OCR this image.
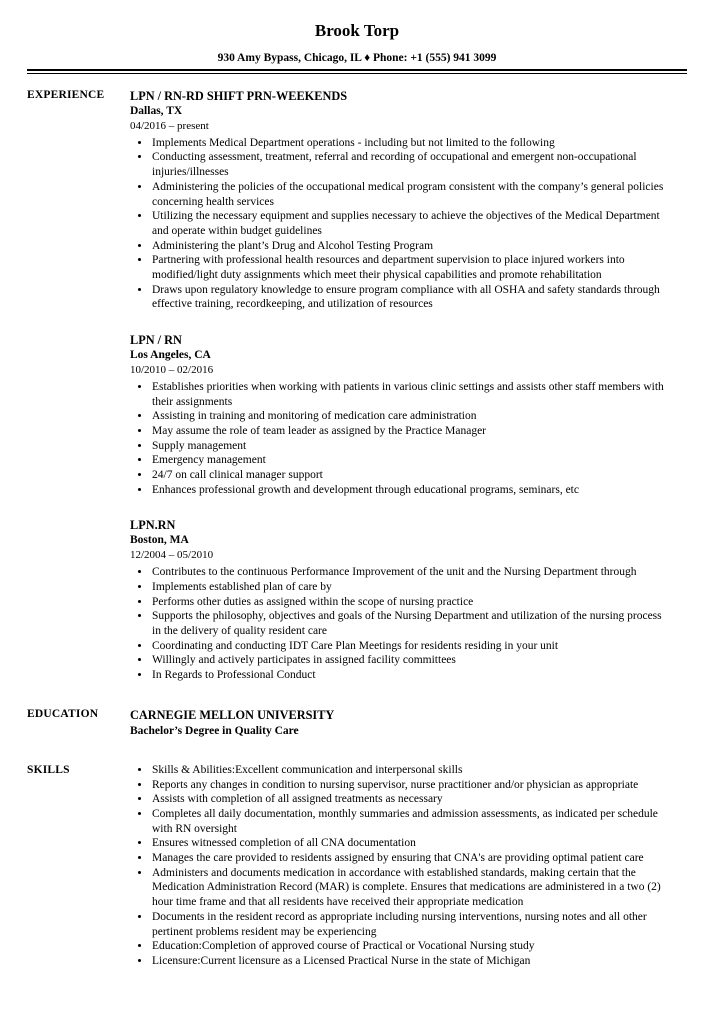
Brook Torp
930 Amy Bypass, Chicago, IL ♦ Phone: +1 (555) 941 3099
EXPERIENCE	LPN / RN-RD SHIFT PRN-WEEKENDS
Dallas, TX
04/2016 – present
• Implements Medical Department operations - including but not limited to the following
• Conducting assessment, treatment, referral and recording of occupational and emergent non-occupational injuries/illnesses
• Administering the policies of the occupational medical program consistent with the company’s general policies concerning health services
• Utilizing the necessary equipment and supplies necessary to achieve the objectives of the Medical Department and operate within budget guidelines
• Administering the plant’s Drug and Alcohol Testing Program
• Partnering with professional health resources and department supervision to place injured workers into modified/light duty assignments which meet their physical capabilities and promote rehabilitation
• Draws upon regulatory knowledge to ensure program compliance with all OSHA and safety standards through effective training, recordkeeping, and utilization of resources
LPN / RN
Los Angeles, CA
10/2010 – 02/2016
• Establishes priorities when working with patients in various clinic settings and assists other staff members with their assignments
• Assisting in training and monitoring of medication care administration
• May assume the role of team leader as assigned by the Practice Manager
• Supply management
• Emergency management
• 24/7 on call clinical manager support
• Enhances professional growth and development through educational programs, seminars, etc
LPN.RN
Boston, MA
12/2004 – 05/2010
• Contributes to the continuous Performance Improvement of the unit and the Nursing Department through
• Implements established plan of care by
• Performs other duties as assigned within the scope of nursing practice
• Supports the philosophy, objectives and goals of the Nursing Department and utilization of the nursing process in the delivery of quality resident care
• Coordinating and conducting IDT Care Plan Meetings for residents residing in your unit
• Willingly and actively participates in assigned facility committees
• In Regards to Professional Conduct
EDUCATION	CARNEGIE MELLON UNIVERSITY
Bachelor’s Degree in Quality Care
SKILLS	• Skills & Abilities:Excellent communication and interpersonal skills
• Reports any changes in condition to nursing supervisor, nurse practitioner and/or physician as appropriate
• Assists with completion of all assigned treatments as necessary
• Completes all daily documentation, monthly summaries and admission assessments, as indicated per schedule with RN oversight
• Ensures witnessed completion of all CNA documentation
• Manages the care provided to residents assigned by ensuring that CNA's are providing optimal patient care
• Administers and documents medication in accordance with established standards, making certain that the Medication Administration Record (MAR) is complete. Ensures that medications are administered in a two (2) hour time frame and that all residents have received their appropriate medication
• Documents in the resident record as appropriate including nursing interventions, nursing notes and all other pertinent problems resident may be experiencing
• Education:Completion of approved course of Practical or Vocational Nursing study
• Licensure:Current licensure as a Licensed Practical Nurse in the state of Michigan
